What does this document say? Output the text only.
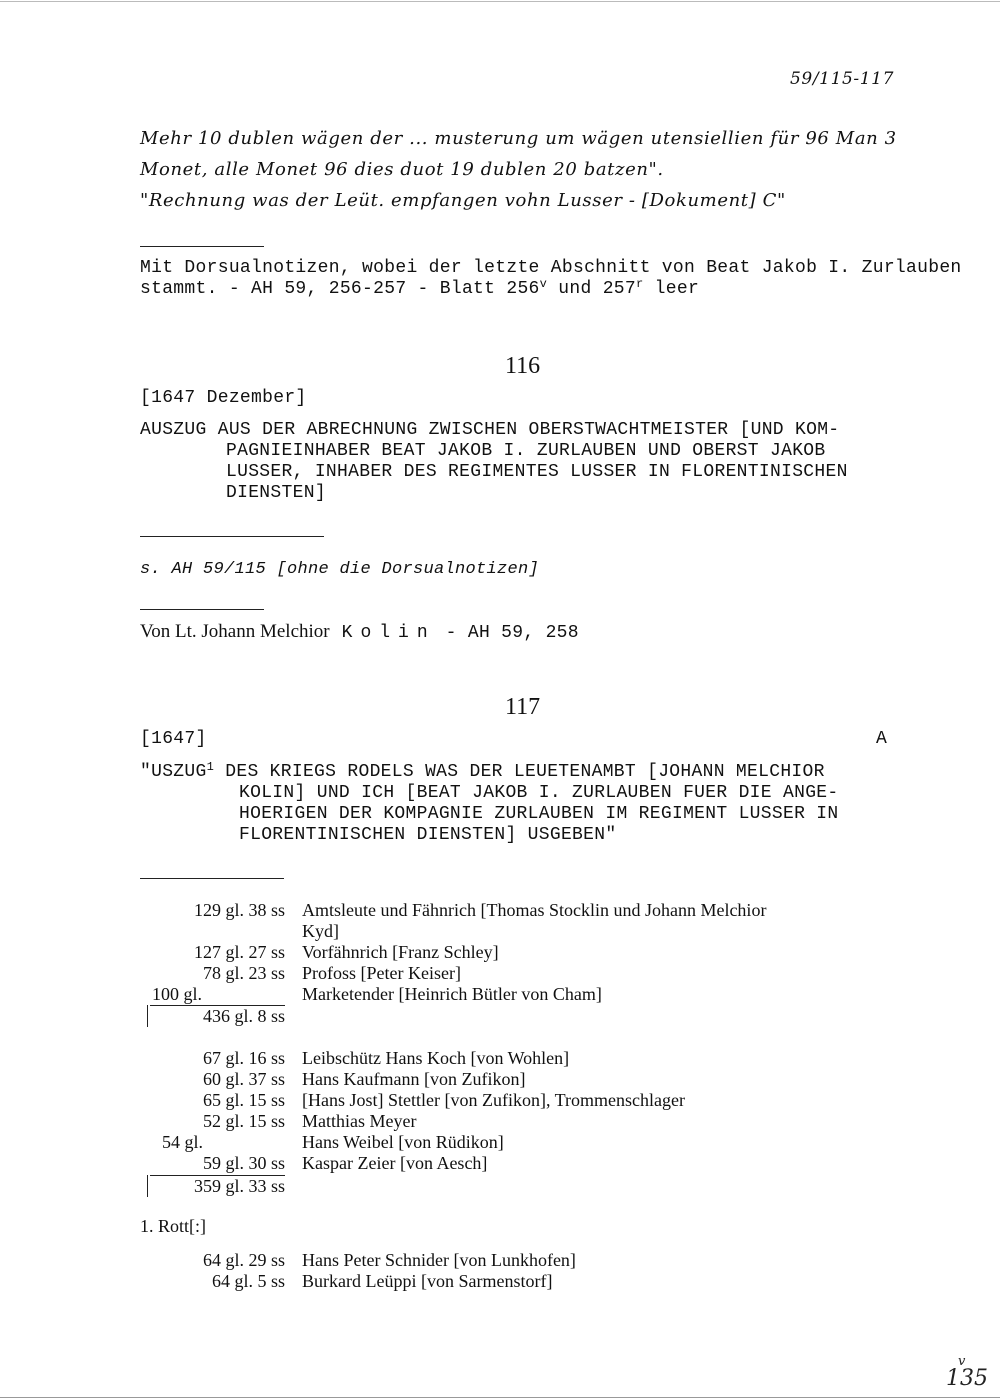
59/115-117
Mehr 10 dublen wägen der ... musterung um wägen utensiellien für 96 Man 3
Monet, alle Monet 96 dies duot 19 dublen 20 batzen".
"Rechnung was der Leüt. empfangen vohn Lusser - [Dokument] C"
Mit Dorsualnotizen, wobei der letzte Abschnitt von Beat Jakob I. Zurlauben
stammt. - AH 59, 256-257 - Blatt 256$^v$ und 257$^r$ leer
116
[1647 Dezember]
AUSZUG AUS DER ABRECHNUNG ZWISCHEN OBERSTWACHTMEISTER [UND KOM-
PAGNIEINHABER BEAT JAKOB I. ZURLAUBEN UND OBERST JAKOB
LUSSER, INHABER DES REGIMENTES LUSSER IN FLORENTINISCHEN
DIENSTEN]
s. AH 59/115 [ohne die Dorsualnotizen]
Von Lt. Johann Melchior Kolin - AH 59, 258
117
[1647]	A
"USZUG$^1$ DES KRIEGS RODELS WAS DER LEUETENAMBT [JOHANN MELCHIOR
KOLIN] UND ICH [BEAT JAKOB I. ZURLAUBEN FUER DIE ANGE-
HOERIGEN DER KOMPAGNIE ZURLAUBEN IM REGIMENT LUSSER IN
FLORENTINISCHEN DIENSTEN] USGEBEN"
129 gl. 38 ss Amtsleute und Fähnrich [Thomas Stocklin und Johann Melchior
Kyd]
127 gl. 27 ss Vorfähnrich [Franz Schley]
78 gl. 23 ss Profoss [Peter Keiser]
100 gl.	Marketender [Heinrich Bütler von Cham]
436 gl. 8 ss
67 gl. 16 ss Leibschütz Hans Koch [von Wohlen]
60 gl. 37 ss Hans Kaufmann [von Zufikon]
65 gl. 15 ss [Hans Jost] Stettler [von Zufikon], Trommenschlager
52 gl. 15 ss Matthias Meyer
54 gl.	Hans Weibel [von Rüdikon]
59 gl. 30 ss Kaspar Zeier [von Aesch]
359 gl. 33 ss
1. Rott[:]
64 gl. 29 ss Hans Peter Schnider [von Lunkhofen]
64 gl. 5 ss Burkard Leüppi [von Sarmenstorf]
v
135
